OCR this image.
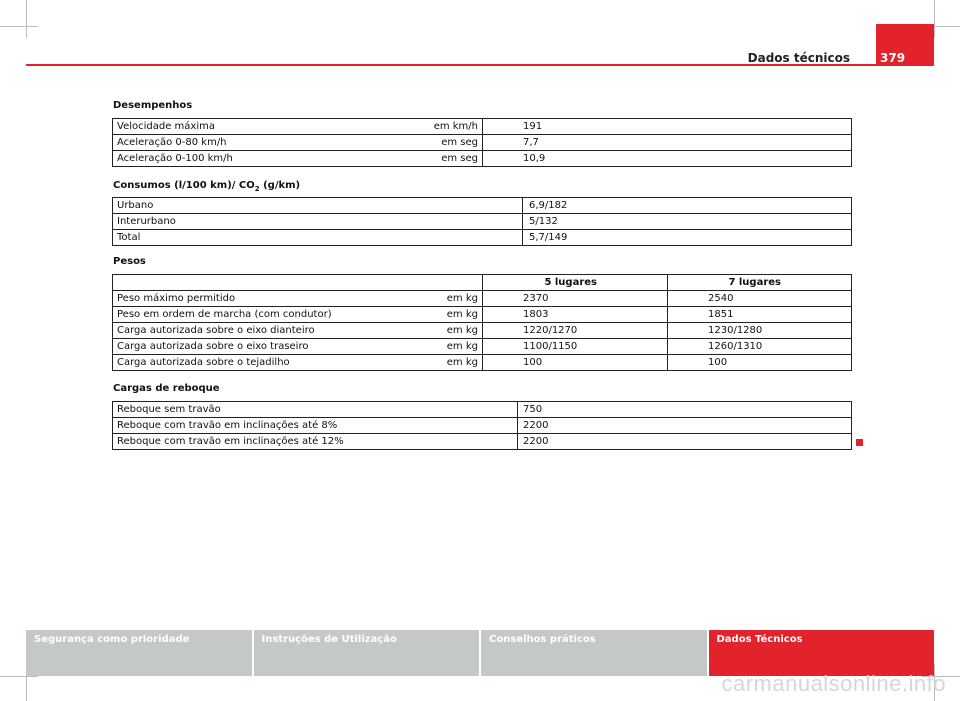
Dados técnicos	379
Desempenhos
Velocidade máxima	em km/h	191
Aceleração 0-80 km/h	em seg	7,7
Aceleração 0-100 km/h	em seg	10,9
Consumos (l/100 km)/ $CO_2$ (g/km)
Urbano	6,9/182
Interurbano	5/132
Total	5,7/149
Pesos
		5 lugares	7 lugares
Peso máximo permitido	em kg	2370	2540
Peso em ordem de marcha (com condutor)	em kg	1803	1851
Carga autorizada sobre o eixo dianteiro	em kg	1220/1270	1230/1280
Carga autorizada sobre o eixo traseiro	em kg	1100/1150	1260/1310
Carga autorizada sobre o tejadilho	em kg	100	100
Cargas de reboque
Reboque sem travão	750
Reboque com travão em inclinações até 8%	2200
Reboque com travão em inclinações até 12%	2200
Segurança como prioridade	Instruções de Utilização	Conselhos práticos	Dados Técnicos
carmanualsonline.info
